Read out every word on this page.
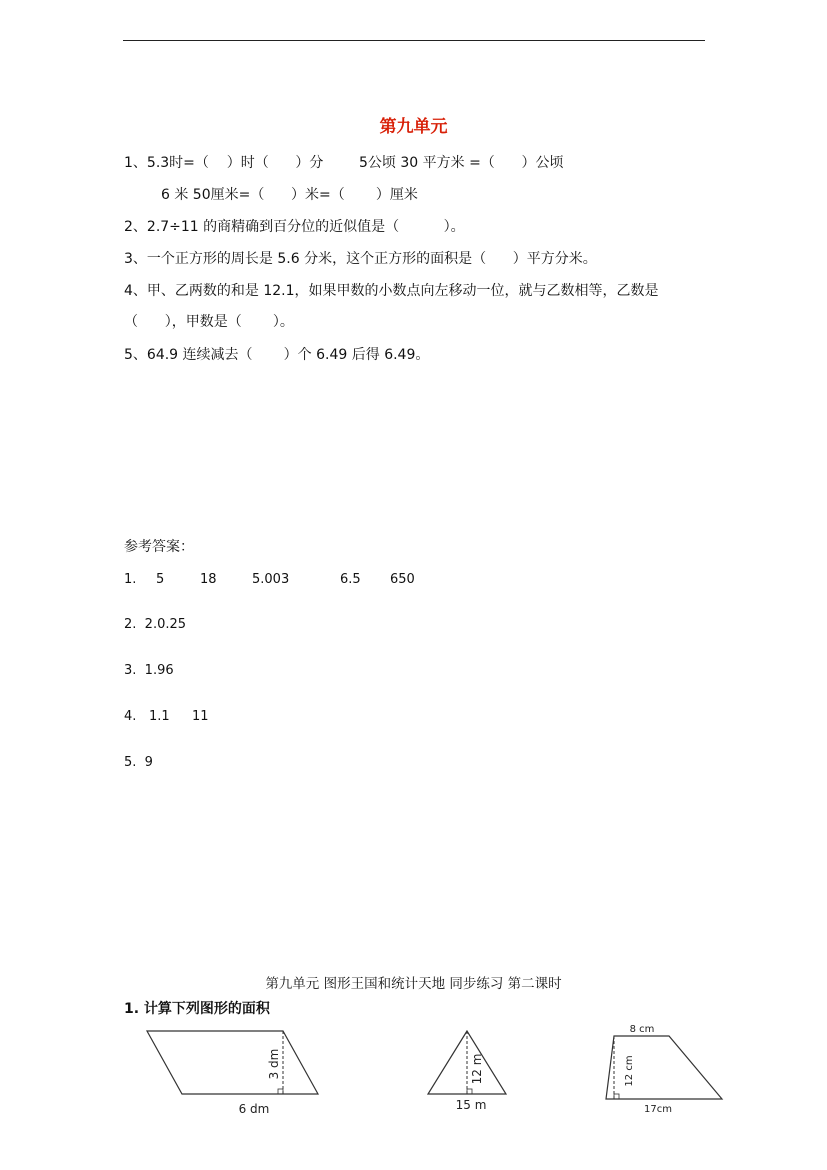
第九单元
1、5.3时=（    ）时（      ）分        5公顷 30 平方米 =（      ）公顷
6 米 50厘米=（      ）米=（       ）厘米
2、2.7÷11 的商精确到百分位的近似值是（          ）。
3、一个正方形的周长是 5.6 分米，这个正方形的面积是（      ）平方分米。
4、甲、乙两数的和是 12.1，如果甲数的小数点向左移动一位，就与乙数相等，乙数是
（      ），甲数是（       ）。
5、64.9 连续减去（       ）个 6.49 后得 6.49。
参考答案：
1. 5	18	5.003	6.5 650
2.  2.0.25
3.  1.96
4. 1.1 11
5.  9
第九单元 图形王国和统计天地 同步练习 第二课时
1. 计算下列图形的面积
3 dm
6 dm
12 m
15 m
8 cm
12 cm
17cm
